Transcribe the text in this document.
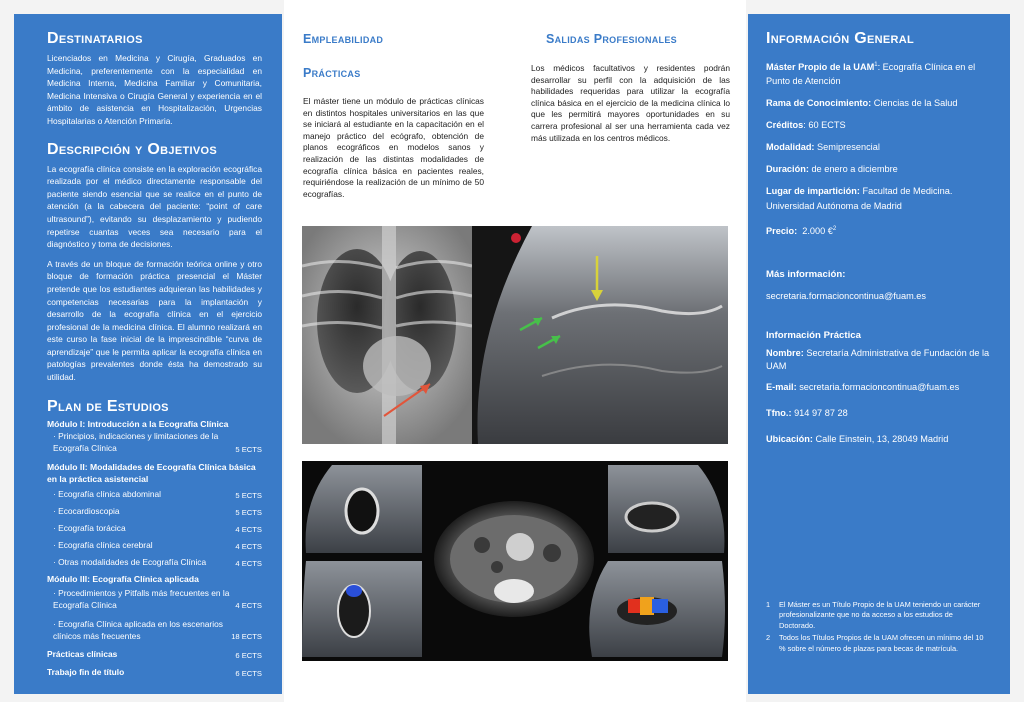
Destinatarios

Licenciados en Medicina y Cirugía, Graduados en Medicina, preferentemente con la especialidad en Medicina Interna, Medicina Familiar y Comunitaria, Medicina Intensiva o Cirugía General y experiencia en el ámbito de asistencia en Hospitalización, Urgencias Hospitalarias o Atención Primaria.

Descripción y Objetivos

La ecografía clínica consiste en la exploración ecográfica realizada por el médico directamente responsable del paciente siendo esencial que se realice en el punto de atención (a la cabecera del paciente: “point of care ultrasound”), evitando su desplazamiento y pudiendo repetirse cuantas veces sea necesario para el diagnóstico y toma de decisiones.

A través de un bloque de formación teórica online y otro bloque de formación práctica presencial el Máster pretende que los estudiantes adquieran las habilidades y competencias necesarias para la implantación y desarrollo de la ecografía clínica en el ejercicio profesional de la medicina clínica. El alumno realizará en este curso la fase inicial de la imprescindible “curva de aprendizaje” que le permita aplicar la ecografía clínica en patologías prevalentes donde ésta ha demostrado su utilidad.

Plan de Estudios
Módulo I: Introducción a la Ecografía Clínica
· Principios, indicaciones y limitaciones de la Ecografía Clínica	5 ECTS
Módulo II: Modalidades de Ecografía Clínica básica en la práctica asistencial
· Ecografía clínica abdominal	5 ECTS
· Ecocardioscopia	5 ECTS
· Ecografía torácica	4 ECTS
· Ecografía clínica cerebral	4 ECTS
· Otras modalidades de Ecografía Clínica	4 ECTS
Módulo III: Ecografía Clínica aplicada
· Procedimientos y Pitfalls más frecuentes en la Ecografía Clínica	4 ECTS
· Ecografía Clínica aplicada en los escenarios clínicos más frecuentes	18 ECTS
Prácticas clínicas	6 ECTS
Trabajo fin de título	6 ECTS
Empleabilidad
Prácticas

El máster tiene un módulo de prácticas clínicas en distintos hospitales universitarios en las que se iniciará al estudiante en la capacitación en el manejo práctico del ecógrafo, obtención de planos ecográficos en modelos sanos y realización de las distintas modalidades de ecografía clínica básica en pacientes reales, requiriéndose la realización de un mínimo de 50 ecografías.

Salidas Profesionales

Los médicos facultativos y residentes podrán desarrollar su perfil con la adquisición de las habilidades requeridas para utilizar la ecografía clínica básica en el ejercicio de la medicina clínica lo que les permitirá mayores oportunidades en su carrera profesional al ser una herramienta cada vez más utilizada en los centros médicos.

Información General
Máster Propio de la UAM$^1$: Ecografía Clínica en el Punto de Atención
Rama de Conocimiento: Ciencias de la Salud
Créditos: 60 ECTS
Modalidad: Semipresencial
Duración: de enero a diciembre
Lugar de impartición: Facultad de Medicina. Universidad Autónoma de Madrid
Precio: 2.000 €$^2$
Más información:
secretaria.formacioncontinua@fuam.es
Información Práctica
Nombre: Secretaría Administrativa de Fundación de la UAM
E-mail: secretaria.formacioncontinua@fuam.es
Tfno.: 914 97 87 28
Ubicación: Calle Einstein, 13, 28049 Madrid
1	El Máster es un Título Propio de la UAM teniendo un carácter profesionalizante que no da acceso a los estudios de Doctorado.
2	Todos los Títulos Propios de la UAM ofrecen un mínimo del 10 % sobre el número de plazas para becas de matrícula.
